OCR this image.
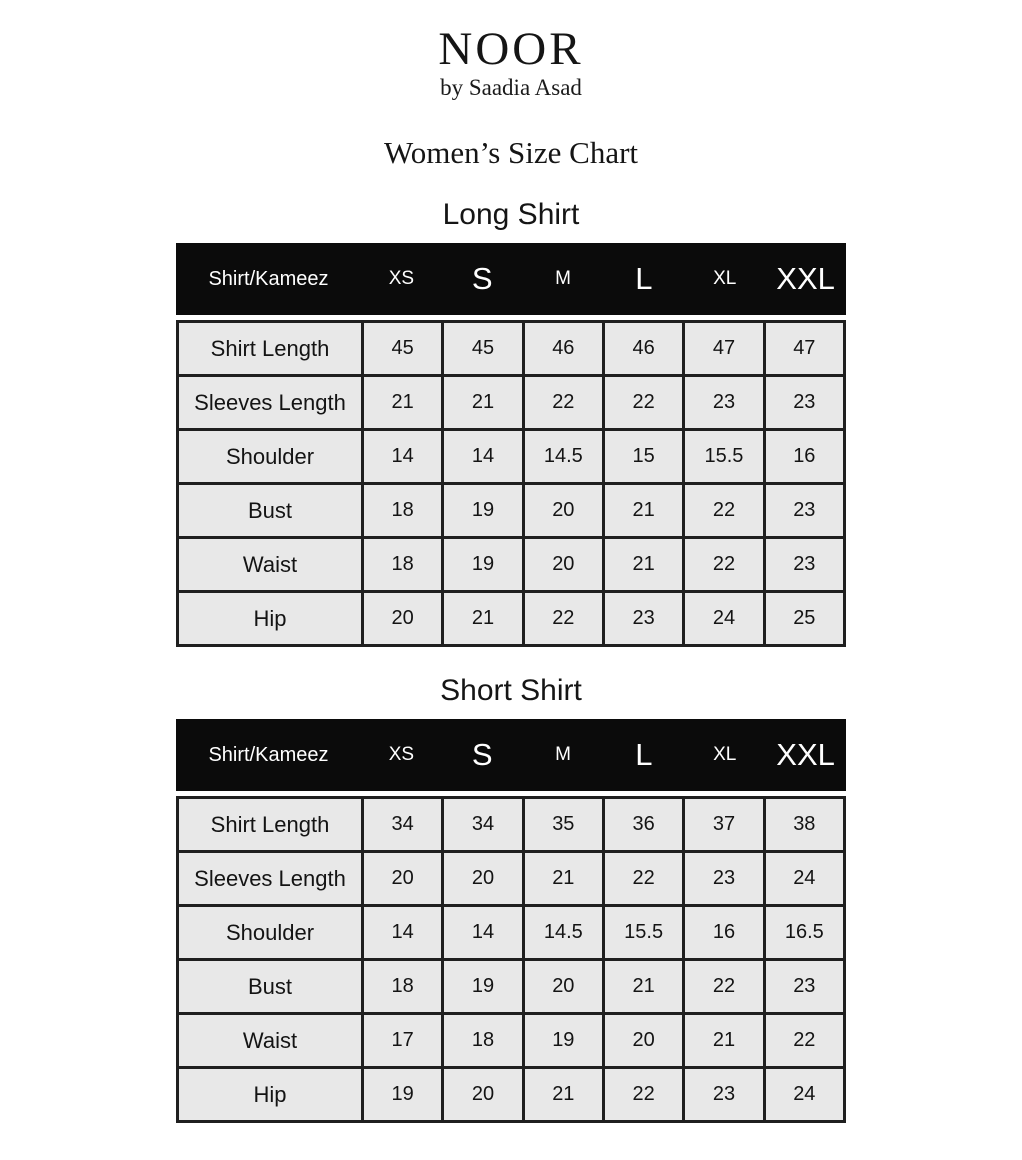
NOOR
by Saadia Asad
Women’s Size Chart
Long Shirt
Shirt/Kameez	XS	S	M	L	XL	XXL
Shirt Length	45	45	46	46	47	47
Sleeves Length	21	21	22	22	23	23
Shoulder	14	14	14.5	15	15.5	16
Bust	18	19	20	21	22	23
Waist	18	19	20	21	22	23
Hip	20	21	22	23	24	25
Short Shirt
Shirt/Kameez	XS	S	M	L	XL	XXL
Shirt Length	34	34	35	36	37	38
Sleeves Length	20	20	21	22	23	24
Shoulder	14	14	14.5	15.5	16	16.5
Bust	18	19	20	21	22	23
Waist	17	18	19	20	21	22
Hip	19	20	21	22	23	24
